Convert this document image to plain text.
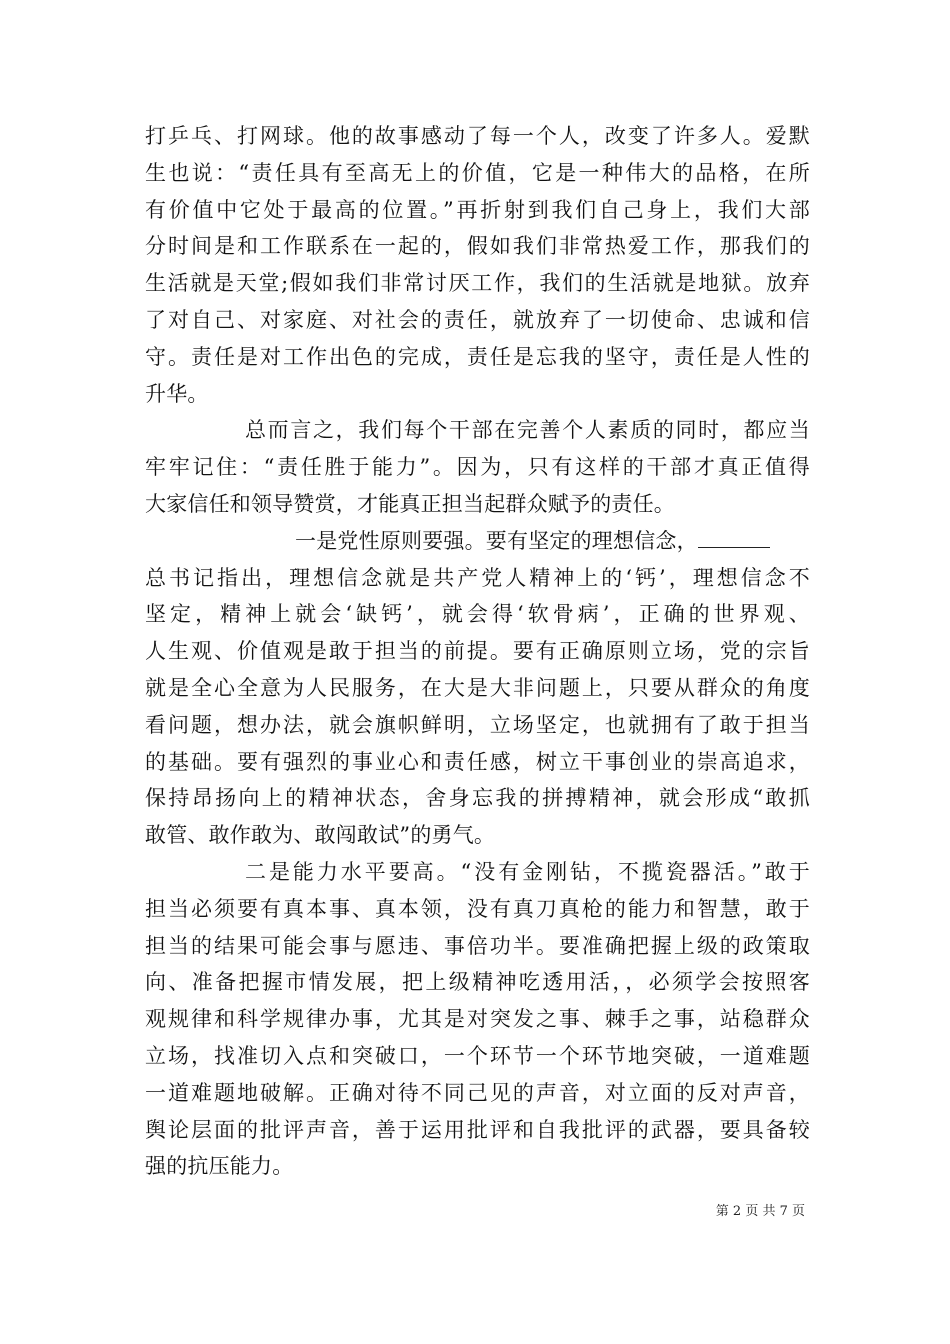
打乒乓、打网球。他的故事感动了每一个人，改变了许多人。爱默
生也说：“责任具有至高无上的价值，它是一种伟大的品格，在所
有价值中它处于最高的位置。”再折射到我们自己身上，我们大部
分时间是和工作联系在一起的，假如我们非常热爱工作，那我们的
生活就是天堂;假如我们非常讨厌工作，我们的生活就是地狱。放弃
了对自己、对家庭、对社会的责任，就放弃了一切使命、忠诚和信
守。责任是对工作出色的完成，责任是忘我的坚守，责任是人性的
升华。
总而言之，我们每个干部在完善个人素质的同时，都应当
牢牢记住：“责任胜于能力”。因为，只有这样的干部才真正值得
大家信任和领导赞赏，才能真正担当起群众赋予的责任。
一是党性原则要强。要有坚定的理想信念，
总书记指出，理想信念就是共产党人精神上的‘钙’，理想信念不
坚定，精神上就会‘缺钙’，就会得‘软骨病’，正确的世界观、
人生观、价值观是敢于担当的前提。要有正确原则立场，党的宗旨
就是全心全意为人民服务，在大是大非问题上，只要从群众的角度
看问题，想办法，就会旗帜鲜明，立场坚定，也就拥有了敢于担当
的基础。要有强烈的事业心和责任感，树立干事创业的崇高追求，
保持昂扬向上的精神状态，舍身忘我的拼搏精神，就会形成“敢抓
敢管、敢作敢为、敢闯敢试”的勇气。
二是能力水平要高。“没有金刚钻，不揽瓷器活。”敢于
担当必须要有真本事、真本领，没有真刀真枪的能力和智慧，敢于
担当的结果可能会事与愿违、事倍功半。要准确把握上级的政策取
向、准备把握市情发展，把上级精神吃透用活，，必须学会按照客
观规律和科学规律办事，尤其是对突发之事、棘手之事，站稳群众
立场，找准切入点和突破口，一个环节一个环节地突破，一道难题
一道难题地破解。正确对待不同己见的声音，对立面的反对声音，
舆论层面的批评声音，善于运用批评和自我批评的武器，要具备较
强的抗压能力。
第 2 页 共 7 页
